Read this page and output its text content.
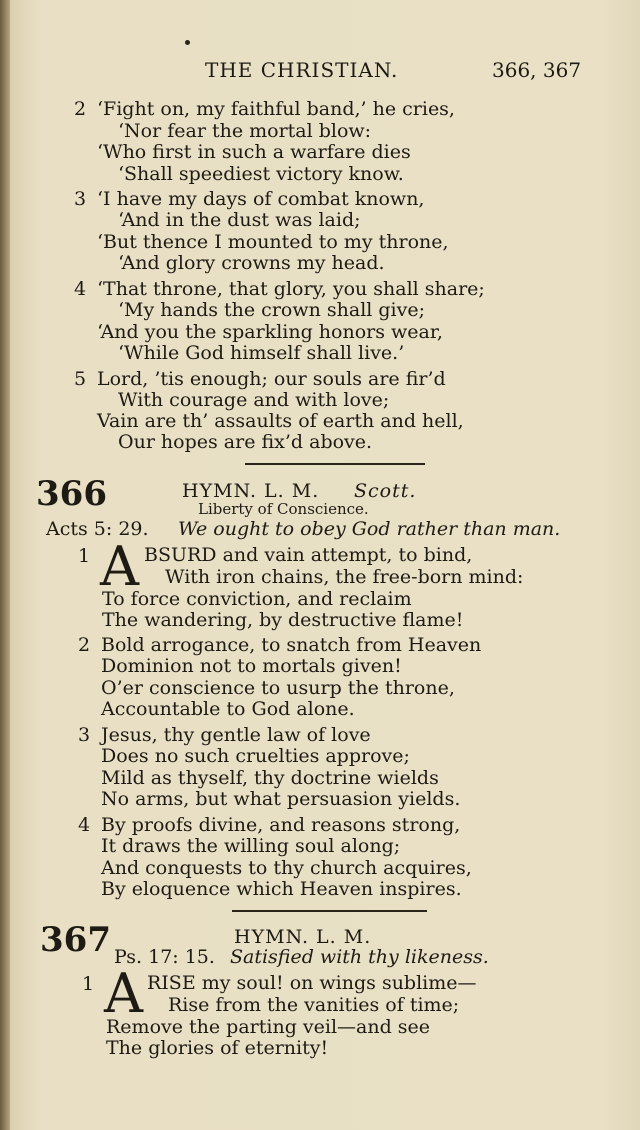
THE CHRISTIAN.	366, 367
2 ‘Fight on, my faithful band,’ he cries,
‘Nor fear the mortal blow:
‘Who first in such a warfare dies
‘Shall speediest victory know.
3 ‘I have my days of combat known,
‘And in the dust was laid;
‘But thence I mounted to my throne,
‘And glory crowns my head.
4 ‘That throne, that glory, you shall share;
‘My hands the crown shall give;
‘And you the sparkling honors wear,
‘While God himself shall live.’
5 Lord, ’tis enough; our souls are fir’d
With courage and with love;
Vain are th’ assaults of earth and hell,
Our hopes are fix’d above.
366	HYMN. L. M. Scott.
Liberty of Conscience.
Acts 5: 29. We ought to obey God rather than man.
1 A BSURD and vain attempt, to bind,
With iron chains, the free-born mind:
To force conviction, and reclaim
The wandering, by destructive flame!
2 Bold arrogance, to snatch from Heaven
Dominion not to mortals given!
O’er conscience to usurp the throne,
Accountable to God alone.
3 Jesus, thy gentle law of love
Does no such cruelties approve;
Mild as thyself, thy doctrine wields
No arms, but what persuasion yields.
4 By proofs divine, and reasons strong,
It draws the willing soul along;
And conquests to thy church acquires,
By eloquence which Heaven inspires.
367	HYMN. L. M.
Ps. 17: 15. Satisfied with thy likeness.
1 A RISE my soul! on wings sublime—
Rise from the vanities of time;
Remove the parting veil—and see
The glories of eternity!
